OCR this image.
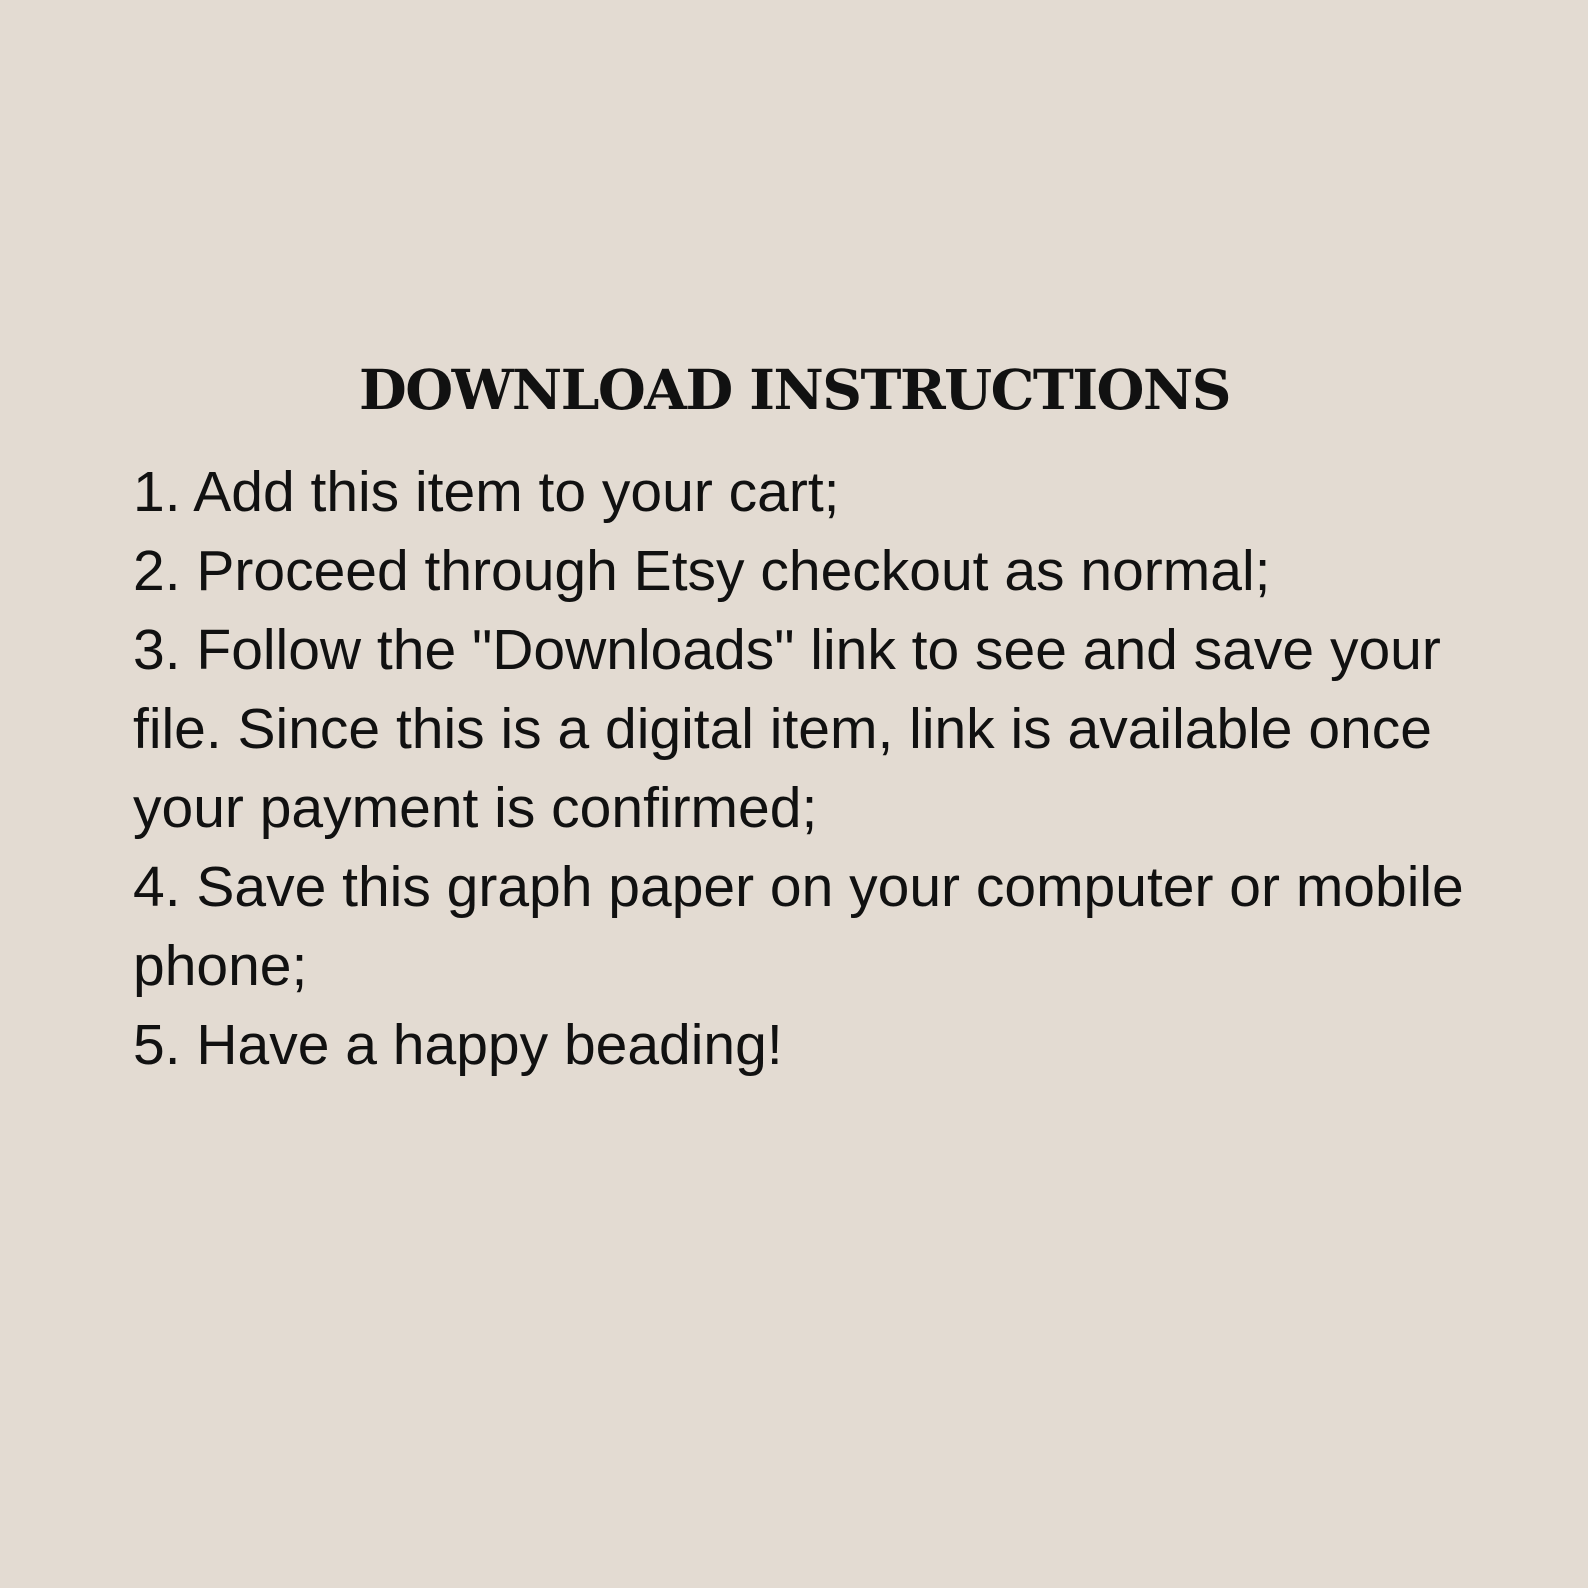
DOWNLOAD INSTRUCTIONS
1. Add this item to your cart;
2. Proceed through Etsy checkout as normal;
3. Follow the "Downloads" link to see and save your file. Since this is a digital item, link is available once your payment is confirmed;
4. Save this graph paper on your computer or mobile phone;
5. Have a happy beading!
